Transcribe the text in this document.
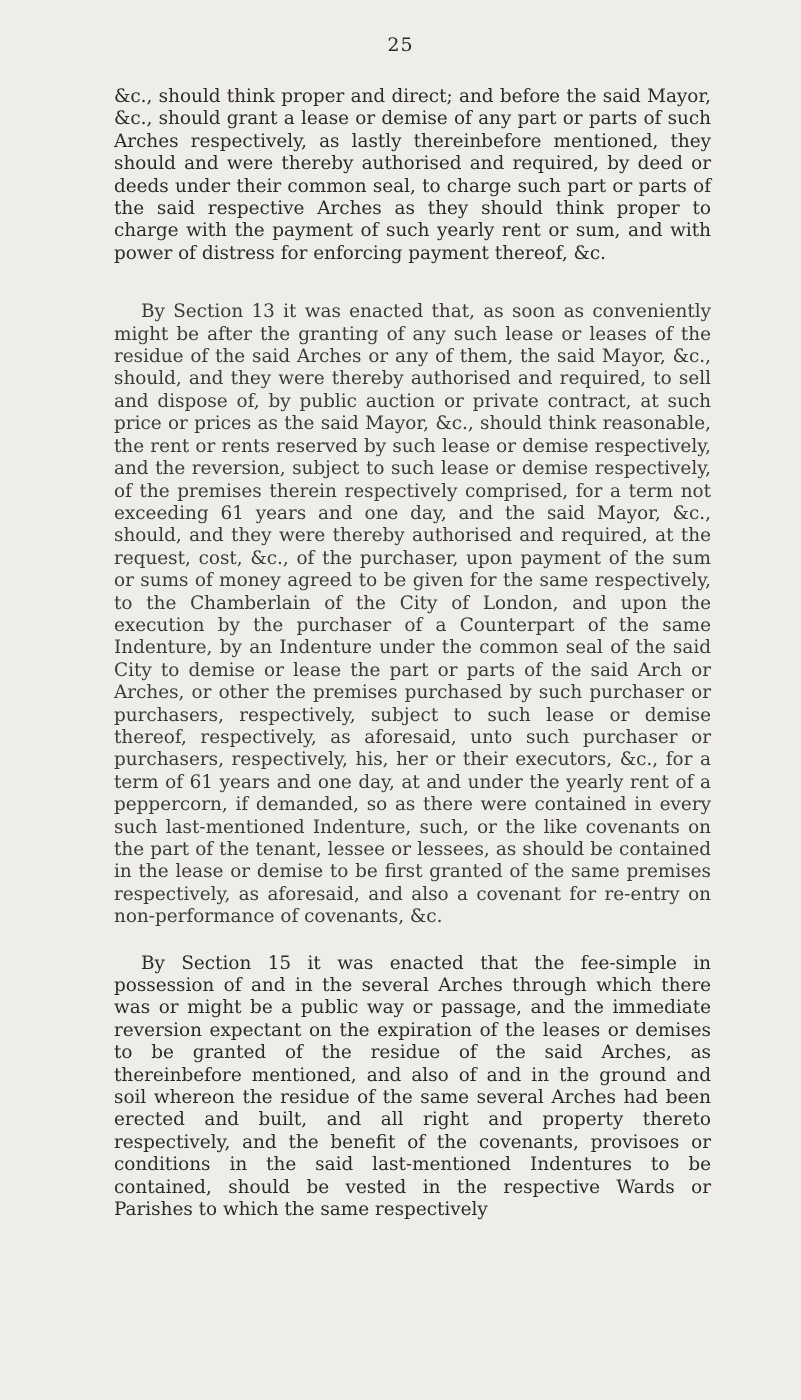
25

&c., should think proper and direct; and before the said Mayor, &c., should grant a lease or demise of any part or parts of such Arches respectively, as lastly thereinbefore mentioned, they should and were thereby authorised and required, by deed or deeds under their common seal, to charge such part or parts of the said respective Arches as they should think proper to charge with the payment of such yearly rent or sum, and with power of distress for enforcing payment thereof, &c.

By Section 13 it was enacted that, as soon as conveniently might be after the granting of any such lease or leases of the residue of the said Arches or any of them, the said Mayor, &c., should, and they were thereby authorised and required, to sell and dispose of, by public auction or private contract, at such price or prices as the said Mayor, &c., should think reasonable, the rent or rents reserved by such lease or demise respectively, and the reversion, subject to such lease or demise respectively, of the premises therein respectively comprised, for a term not exceeding 61 years and one day, and the said Mayor, &c., should, and they were thereby authorised and required, at the request, cost, &c., of the purchaser, upon payment of the sum or sums of money agreed to be given for the same respectively, to the Chamberlain of the City of London, and upon the execution by the purchaser of a Counterpart of the same Indenture, by an Indenture under the common seal of the said City to demise or lease the part or parts of the said Arch or Arches, or other the premises purchased by such purchaser or purchasers, respectively, subject to such lease or demise thereof, respectively, as aforesaid, unto such purchaser or purchasers, respectively, his, her or their executors, &c., for a term of 61 years and one day, at and under the yearly rent of a peppercorn, if demanded, so as there were contained in every such last-mentioned Indenture, such, or the like covenants on the part of the tenant, lessee or lessees, as should be contained in the lease or demise to be first granted of the same premises respectively, as aforesaid, and also a covenant for re-entry on non-performance of covenants, &c.

By Section 15 it was enacted that the fee-simple in possession of and in the several Arches through which there was or might be a public way or passage, and the immediate reversion expectant on the expiration of the leases or demises to be granted of the residue of the said Arches, as thereinbefore mentioned, and also of and in the ground and soil whereon the residue of the same several Arches had been erected and built, and all right and property thereto respectively, and the benefit of the covenants, provisoes or conditions in the said last-mentioned Indentures to be contained, should be vested in the respective Wards or Parishes to which the same respectively
